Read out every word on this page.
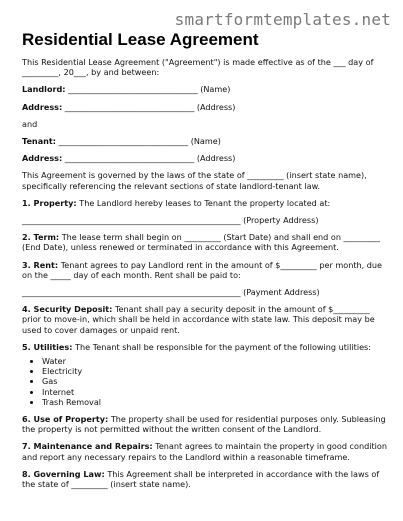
smartformtemplates.net
Residential Lease Agreement

This Residential Lease Agreement ("Agreement") is made effective as of the ___ day of _________, 20___, by and between:

Landlord: ________________________________ (Name)
Address: ________________________________ (Address)
and
Tenant: ________________________________ (Name)
Address: ________________________________ (Address)

This Agreement is governed by the laws of the state of _________ (insert state name), specifically referencing the relevant sections of state landlord-tenant law.

1. Property: The Landlord hereby leases to Tenant the property located at:

______________________________________________________ (Property Address)

2. Term: The lease term shall begin on _________ (Start Date) and shall end on _________ (End Date), unless renewed or terminated in accordance with this Agreement.

3. Rent: Tenant agrees to pay Landlord rent in the amount of $_________ per month, due on the _____ day of each month. Rent shall be paid to:

______________________________________________________ (Payment Address)

4. Security Deposit: Tenant shall pay a security deposit in the amount of $_________ prior to move-in, which shall be held in accordance with state law. This deposit may be used to cover damages or unpaid rent.

5. Utilities: The Tenant shall be responsible for the payment of the following utilities:

• Water
• Electricity
• Gas
• Internet
• Trash Removal

6. Use of Property: The property shall be used for residential purposes only. Subleasing the property is not permitted without the written consent of the Landlord.

7. Maintenance and Repairs: Tenant agrees to maintain the property in good condition and report any necessary repairs to the Landlord within a reasonable timeframe.

8. Governing Law: This Agreement shall be interpreted in accordance with the laws of the state of _________ (insert state name).
